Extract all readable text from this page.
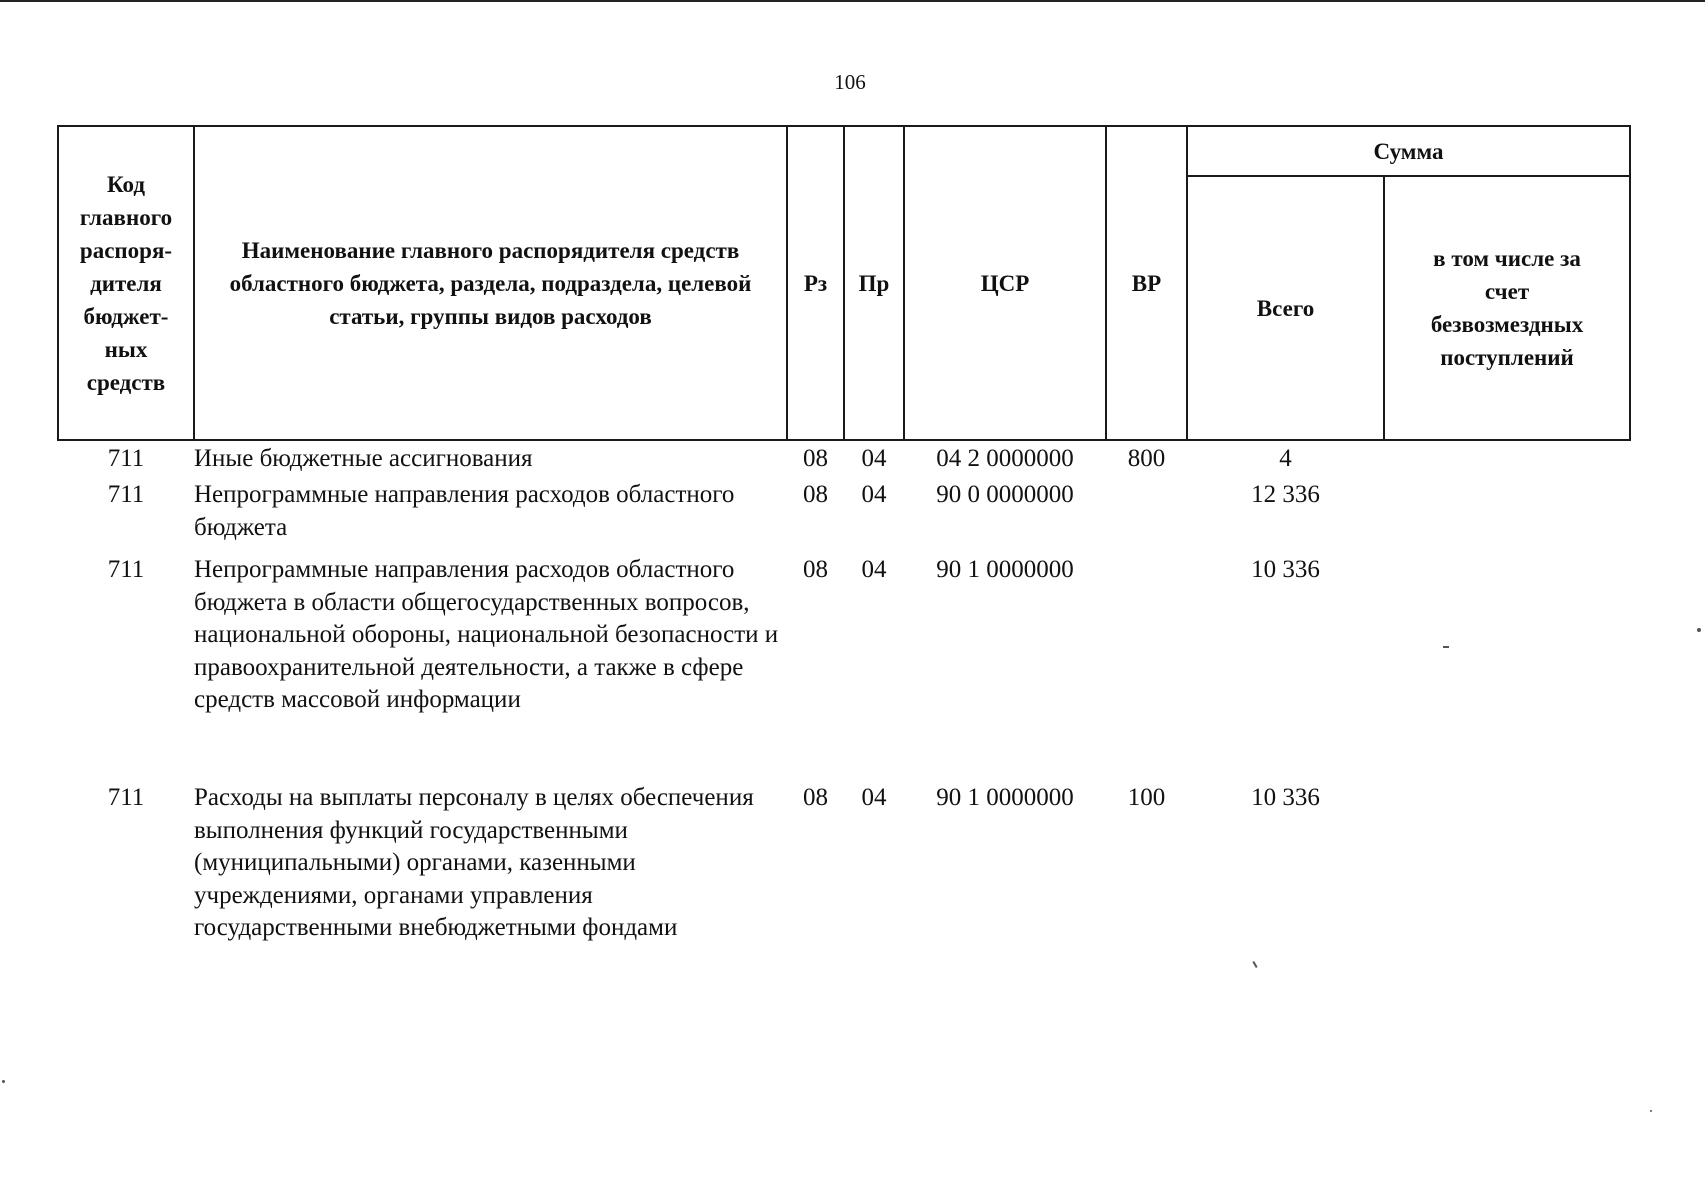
106
Код главного распоря-дителя бюджет-ных средств	Наименование главного распорядителя средств областного бюджета, раздела, подраздела, целевой статьи, группы видов расходов	Рз	Пр	ЦСР	ВР	Сумма	
						Всего	в том числе за счет безвозмездных поступлений
711	Иные бюджетные ассигнования	08	04	04 2 0000000	800	4	
711	Непрограммные направления расходов областного бюджета	08	04	90 0 0000000		12 336	
711	Непрограммные направления расходов областного бюджета в области общегосударственных вопросов, национальной обороны, национальной безопасности и правоохранительной деятельности, а также в сфере средств массовой информации	08	04	90 1 0000000		10 336	
711	Расходы на выплаты персоналу в целях обеспечения выполнения функций государственными (муниципальными) органами, казенными учреждениями, органами управления государственными внебюджетными фондами	08	04	90 1 0000000	100	10 336	
